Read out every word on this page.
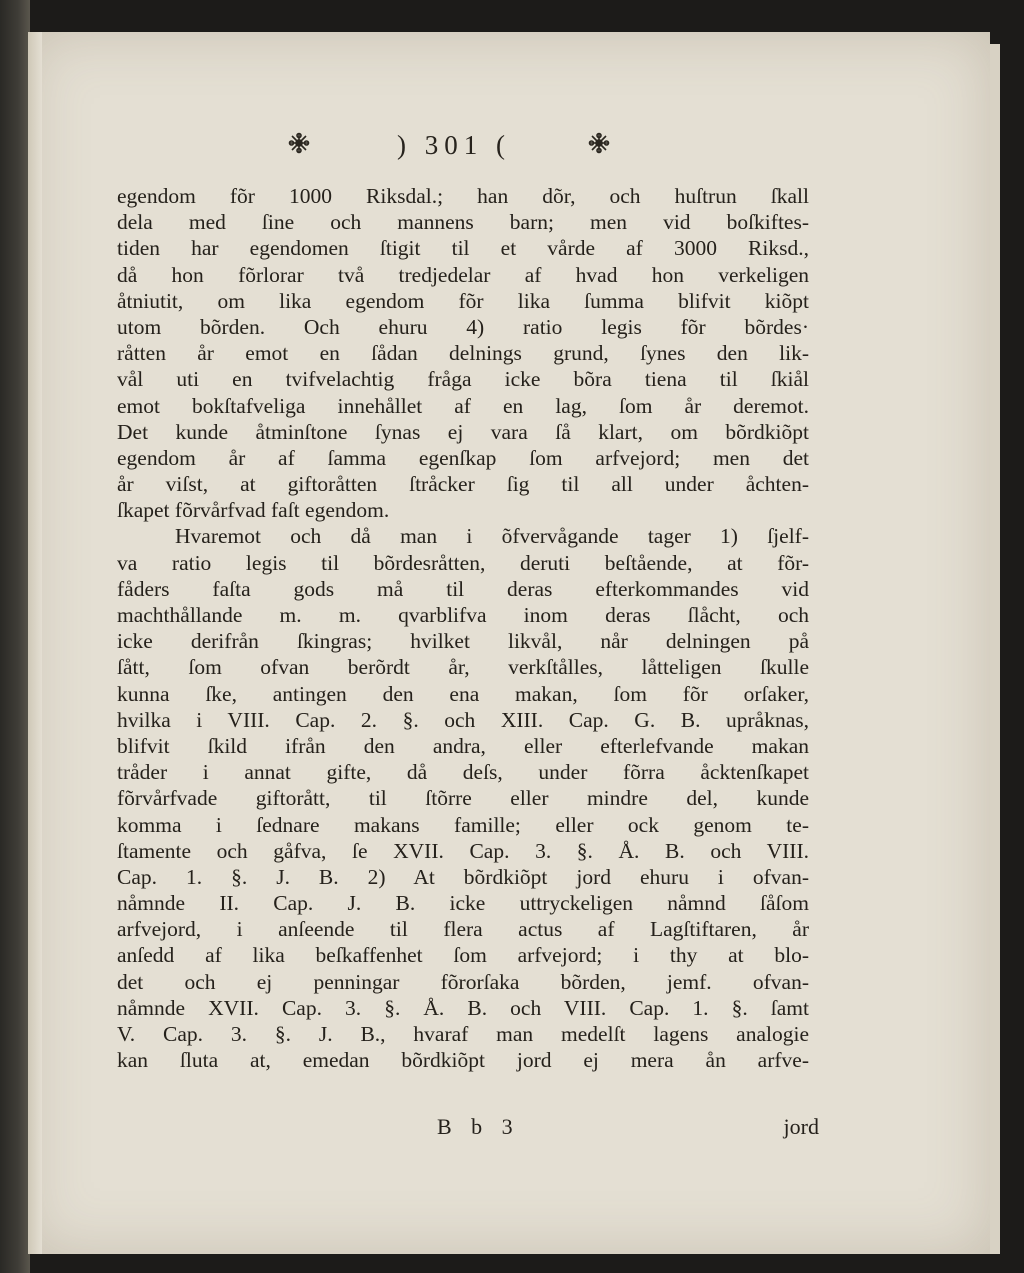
) 301 (
egendom fõr 1000 Riksdal.; han dõr, och huſtrun ſkall
dela med ſine och mannens barn; men vid boſkiftes-
tiden har egendomen ſtigit til et vårde af 3000 Riksd.,
då hon fõrlorar två tredjedelar af hvad hon verkeligen
åtniutit, om lika egendom fõr lika ſumma blifvit kiõpt
utom bõrden. Och ehuru 4) ratio legis fõr bõrdes·
råtten år emot en ſådan delnings grund, ſynes den lik-
vål uti en tvifvelachtig fråga icke bõra tiena til ſkiål
emot bokſtafveliga innehållet af en lag, ſom år deremot.
Det kunde åtminſtone ſynas ej vara ſå klart, om bõrdkiõpt
egendom år af ſamma egenſkap ſom arfvejord; men det
år viſst, at giftoråtten ſtråcker ſig til all under åchten-
ſkapet fõrvårfvad faſt egendom.
Hvaremot och då man i õfvervågande tager 1) ſjelf-
va ratio legis til bõrdesråtten, deruti beſtående, at fõr-
fåders faſta gods må til deras efterkommandes vid
machthållande m. m. qvarblifva inom deras ſlåcht, och
icke derifrån ſkingras; hvilket likvål, når delningen på
ſått, ſom ofvan berõrdt år, verkſtålles, låtteligen ſkulle
kunna ſke, antingen den ena makan, ſom fõr orſaker,
hvilka i VIII. Cap. 2. §. och XIII. Cap. G. B. upråknas,
blifvit ſkild ifrån den andra, eller efterlefvande makan
tråder i annat gifte, då deſs, under fõrra åcktenſkapet
fõrvårfvade giftorått, til ſtõrre eller mindre del, kunde
komma i ſednare makans famille; eller ock genom te-
ſtamente och gåfva, ſe XVII. Cap. 3. §. Å. B. och VIII.
Cap. 1. §. J. B. 2) At bõrdkiõpt jord ehuru i ofvan-
nåmnde II. Cap. J. B. icke uttryckeligen nåmnd ſåſom
arfvejord, i anſeende til flera actus af Lagſtiftaren, år
anſedd af lika beſkaffenhet ſom arfvejord; i thy at blo-
det och ej penningar fõrorſaka bõrden, jemf. ofvan-
nåmnde XVII. Cap. 3. §. Å. B. och VIII. Cap. 1. §. ſamt
V. Cap. 3. §. J. B., hvaraf man medelſt lagens analogie
kan ſluta at, emedan bõrdkiõpt jord ej mera ån arfve-
B b 3	jord
